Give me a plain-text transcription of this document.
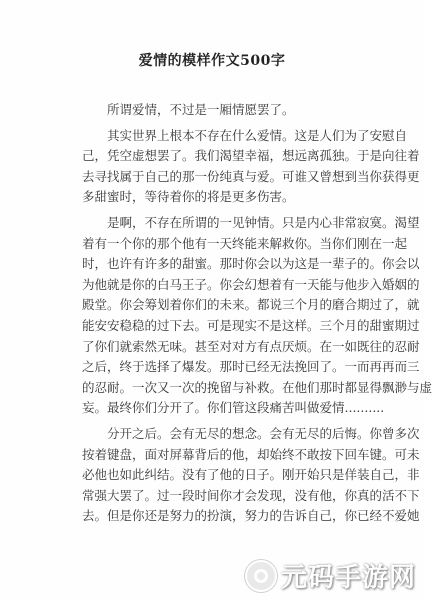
爱情的模样作文500字
所谓爱情，不过是一厢情愿罢了。
其实世界上根本不存在什么爱情。这是人们为了安慰自
己，凭空虚想罢了。我们渴望幸福，想远离孤独。于是向往着
去寻找属于自己的那一份纯真与爱。可谁又曾想到当你获得更
多甜蜜时，等待着你的将是更多伤害。
是啊，不存在所谓的一见钟情。只是内心非常寂寞。渴望
着有一个你的那个他有一天终能来解救你。当你们刚在一起
时，也许有许多的甜蜜。那时你会以为这是一辈子的。你会以
为他就是你的白马王子。你会幻想着有一天能与他步入婚姻的
殿堂。你会筹划着你们的未来。都说三个月的磨合期过了，就
能安安稳稳的过下去。可是现实不是这样。三个月的甜蜜期过
了你们就索然无味。甚至对对方有点厌烦。在一如既往的忍耐
之后，终于选择了爆发。那时已经无法挽回了。一而再再而三
的忍耐。一次又一次的挽留与补救。在他们那时都显得飘渺与虚
妄。最终你们分开了。你们管这段痛苦叫做爱情..........
分开之后。会有无尽的想念。会有无尽的后悔。你曾多次
按着键盘，面对屏幕背后的他，却始终不敢按下回车键。可未
必他也如此纠结。没有了他的日子。刚开始只是佯装自己，非
常强大罢了。过一段时间你才会发现，没有他，你真的活不下
去。但是你还是努力的扮演，努力的告诉自己，你已经不爱她
元码手游网
